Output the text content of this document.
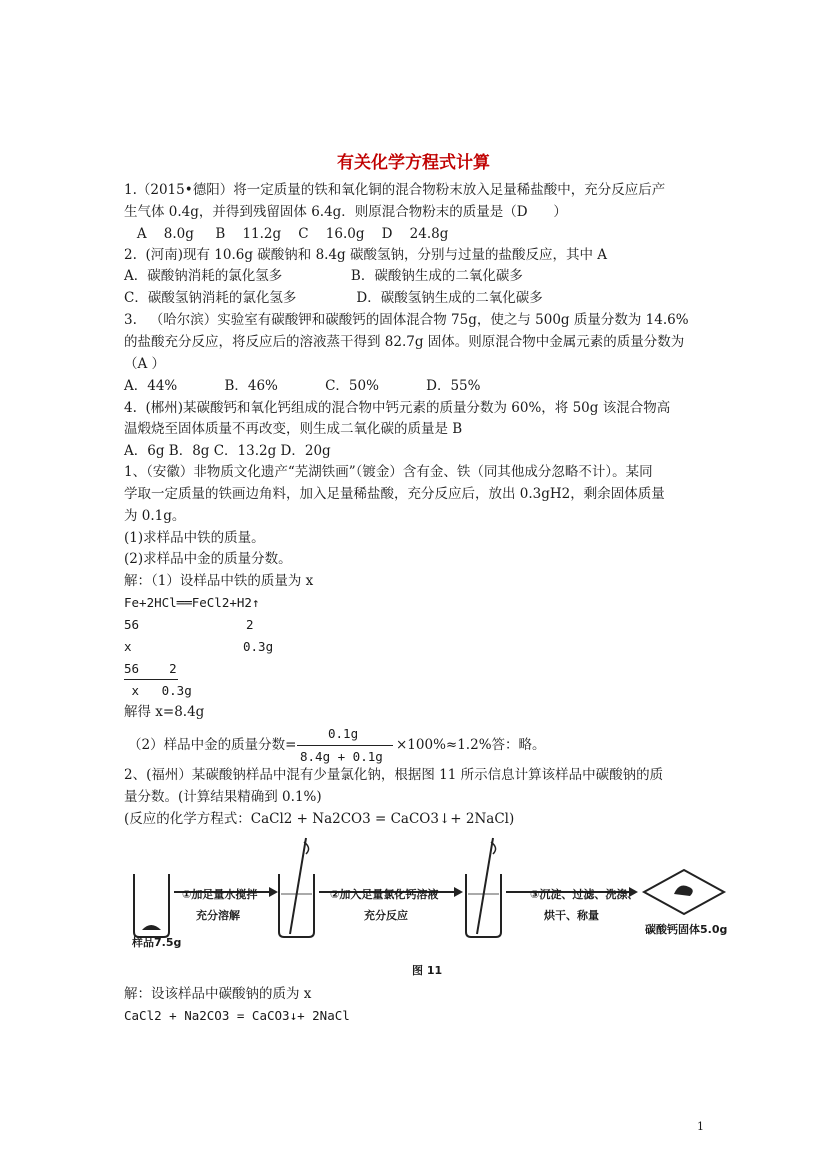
有关化学方程式计算
1.（2015•德阳）将一定质量的铁和氧化铜的混合物粉末放入足量稀盐酸中，充分反应后产
生气体 0.4g，并得到残留固体 6.4g．则原混合物粉末的质量是（D      ）
A    8.0g     B    11.2g    C    16.0g    D    24.8g
2.  (河南)现有 10.6g 碳酸钠和 8.4g 碳酸氢钠，分别与过量的盐酸反应，其中 A
A．碳酸钠消耗的氯化氢多                B．碳酸钠生成的二氧化碳多
C．碳酸氢钠消耗的氯化氢多              D．碳酸氢钠生成的二氧化碳多
3.   （哈尔滨）实验室有碳酸钾和碳酸钙的固体混合物 75g，使之与 500g 质量分数为 14.6%
的盐酸充分反应，将反应后的溶液蒸干得到 82.7g 固体。则原混合物中金属元素的质量分数为
（A ）
A．44%           B．46%           C．50%           D．55%
4.  (郴州)某碳酸钙和氧化钙组成的混合物中钙元素的质量分数为 60%，将 50g 该混合物高
温煅烧至固体质量不再改变，则生成二氧化碳的质量是 B
A．6g B．8g C．13.2g D．20g
1、（安徽）非物质文化遗产“芜湖铁画”（镀金）含有金、铁（同其他成分忽略不计）。某同
学取一定质量的铁画边角料，加入足量稀盐酸，充分反应后，放出 0.3gH2，剩余固体质量
为 0.1g。
(1)求样品中铁的质量。
(2)求样品中金的质量分数。
解：（1）设样品中铁的质量为 x
Fe+2HCl══FeCl2+H2↑
56	2
x	0.3g
56    2
x   0.3g
解得 x=8.4g
（2）样品中金的质量分数=
0.1g
8.4g + 0.1g
×100%≈1.2%答：略。
2、(福州）某碳酸钠样品中混有少量氯化钠，根据图 11 所示信息计算该样品中碳酸钠的质
量分数。(计算结果精确到 0.1%)
(反应的化学方程式：CaCl2 + Na2CO3 = CaCO3↓+ 2NaCl)
①加足量水搅拌
充分溶解
②加入足量氯化钙溶液
充分反应
③沉淀、过滤、洗涤、
烘干、称量
样品7.5g
碳酸钙固体5.0g
图 11
解：设该样品中碳酸钠的质为 x
CaCl2 + Na2CO3 = CaCO3↓+ 2NaCl
1
